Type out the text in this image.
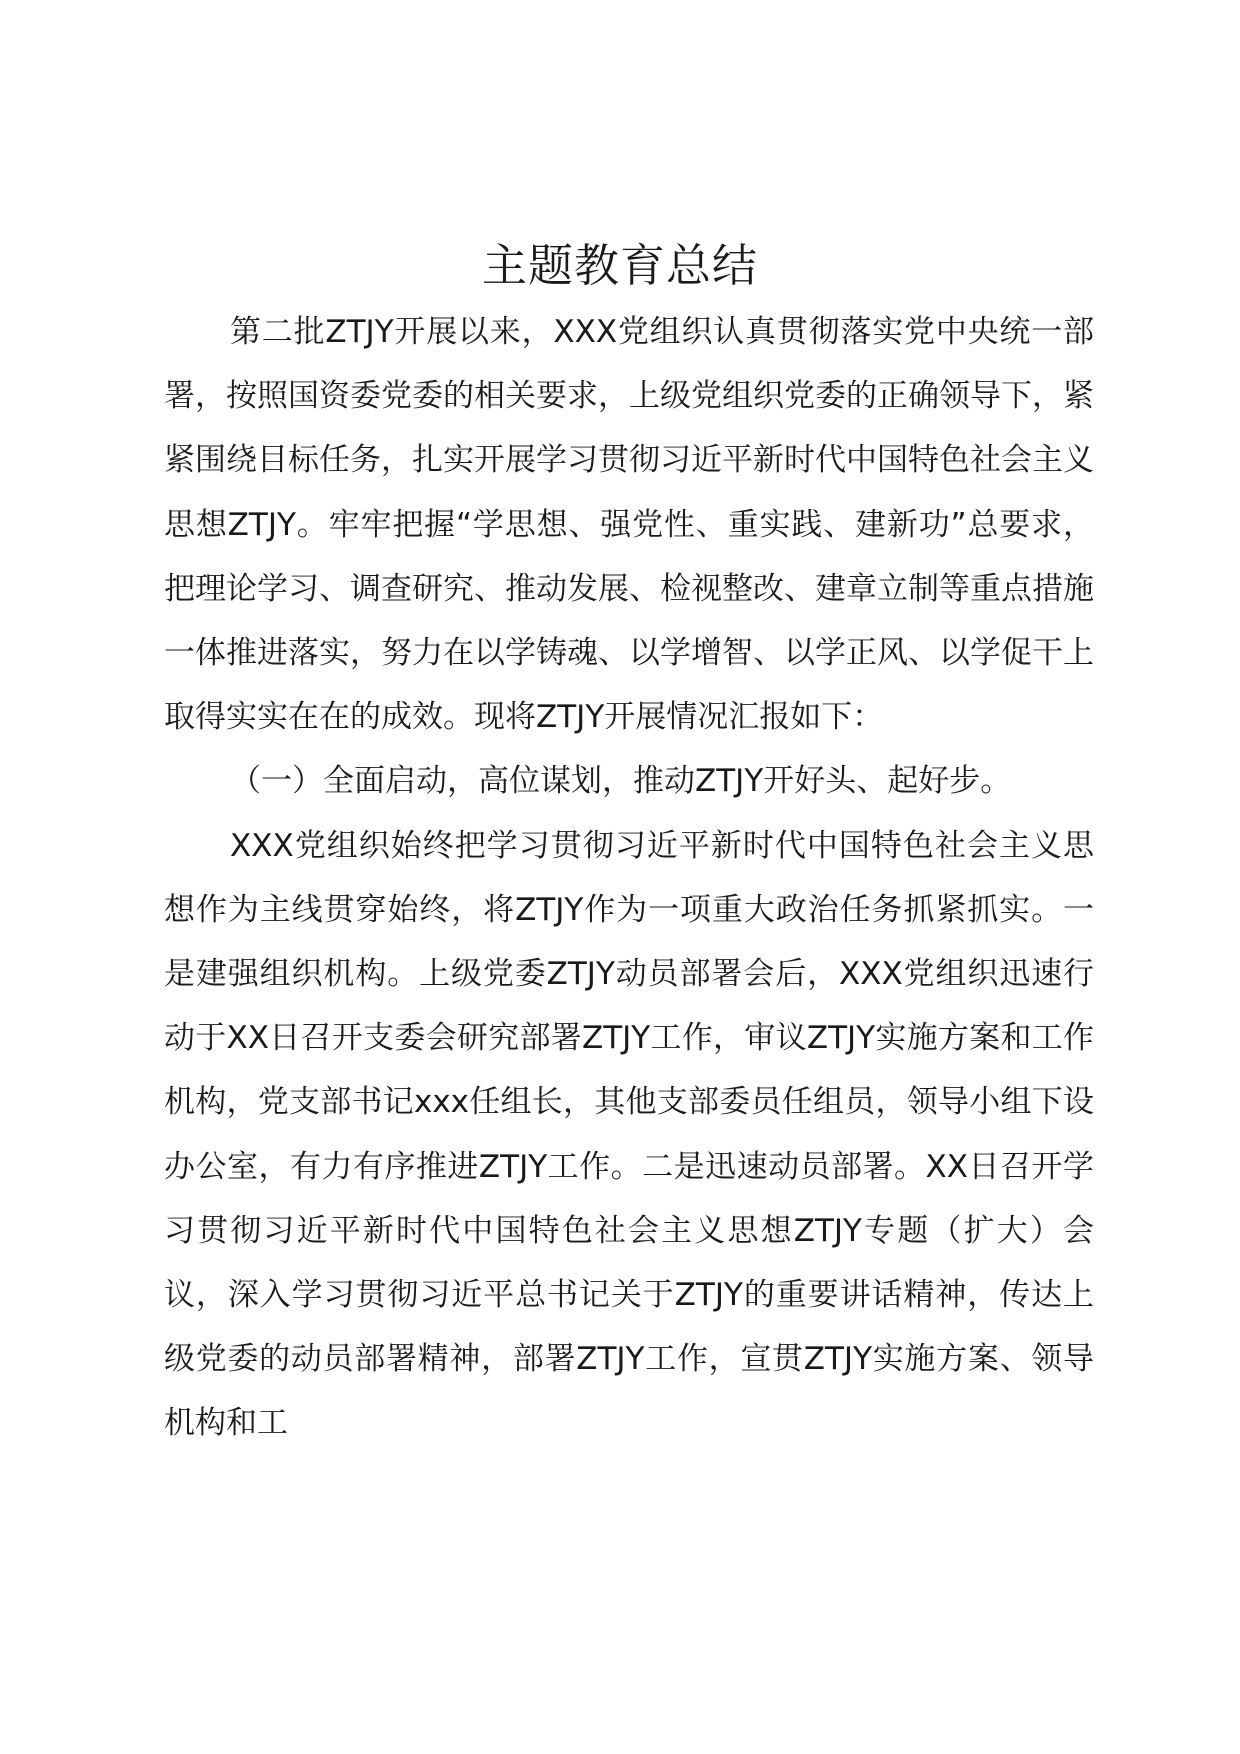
主题教育总结

第二批ZTJY开展以来，XXX党组织认真贯彻落实党中央统一部署，按照国资委党委的相关要求，上级党组织党委的正确领导下，紧紧围绕目标任务，扎实开展学习贯彻习近平新时代中国特色社会主义思想ZTJY。牢牢把握“学思想、强党性、重实践、建新功”总要求，把理论学习、调查研究、推动发展、检视整改、建章立制等重点措施一体推进落实，努力在以学铸魂、以学增智、以学正风、以学促干上取得实实在在的成效。现将ZTJY开展情况汇报如下：

（一）全面启动，高位谋划，推动ZTJY开好头、起好步。

XXX党组织始终把学习贯彻习近平新时代中国特色社会主义思想作为主线贯穿始终，将ZTJY作为一项重大政治任务抓紧抓实。一是建强组织机构。上级党委ZTJY动员部署会后，XXX党组织迅速行动于XX日召开支委会研究部署ZTJY工作，审议ZTJY实施方案和工作机构，党支部书记xxx任组长，其他支部委员任组员，领导小组下设办公室，有力有序推进ZTJY工作。二是迅速动员部署。XX日召开学习贯彻习近平新时代中国特色社会主义思想ZTJY专题（扩大）会议，深入学习贯彻习近平总书记关于ZTJY的重要讲话精神，传达上级党委的动员部署精神，部署ZTJY工作，宣贯ZTJY实施方案、领导机构和工
